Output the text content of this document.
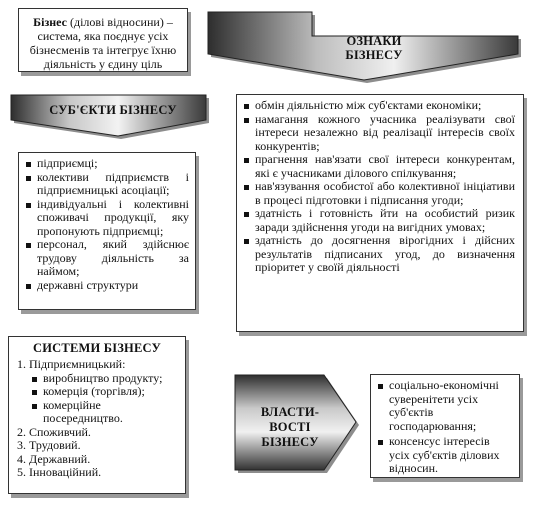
Бізнес (ділові відносини) – система, яка поєднує усіх бізнесменів та інтегрує їхню діяльність у єдину ціль
ОЗНАКИ
БІЗНЕСУ
СУБ'ЄКТИ БІЗНЕСУ	обмін діяльністю між суб'єктами економіки;
намагання кожного учасника реалізувати свої інтереси незалежно від реалізації інтересів своїх конкурентів;
прагнення нав'язати свої інтереси конкурентам, які є учасниками ділового спілкування;
нав'язування особистої або колективної ініціативи в процесі підготовки і підписання угоди;
здатність і готовність йти на особистий ризик заради здійснення угоди на вигідних умовах;
здатність до досягнення вірогідних і дійсних результатів підписаних угод, до визначення пріоритет у своїй діяльності
підприємці;
колективи підприємств і підприємницькі асоціації;
індивідуальні і колективні споживачі продукції, яку пропонують підприємці;
персонал, який здійснює трудову діяльність за наймом;
державні структури
СИСТЕМИ БІЗНЕСУ
1. Підприємницький:
виробництво продукту;
комерція (торгівля);
комерційне посередництво.
2. Споживчий.
3. Трудовий.
4. Державний.
5. Інноваційний.
ВЛАСТИ-
ВОСТІ
БІЗНЕСУ
соціально-економічні суверенітети усіх суб'єктів господарювання;
консенсус інтересів усіх суб'єктів ділових відносин.
